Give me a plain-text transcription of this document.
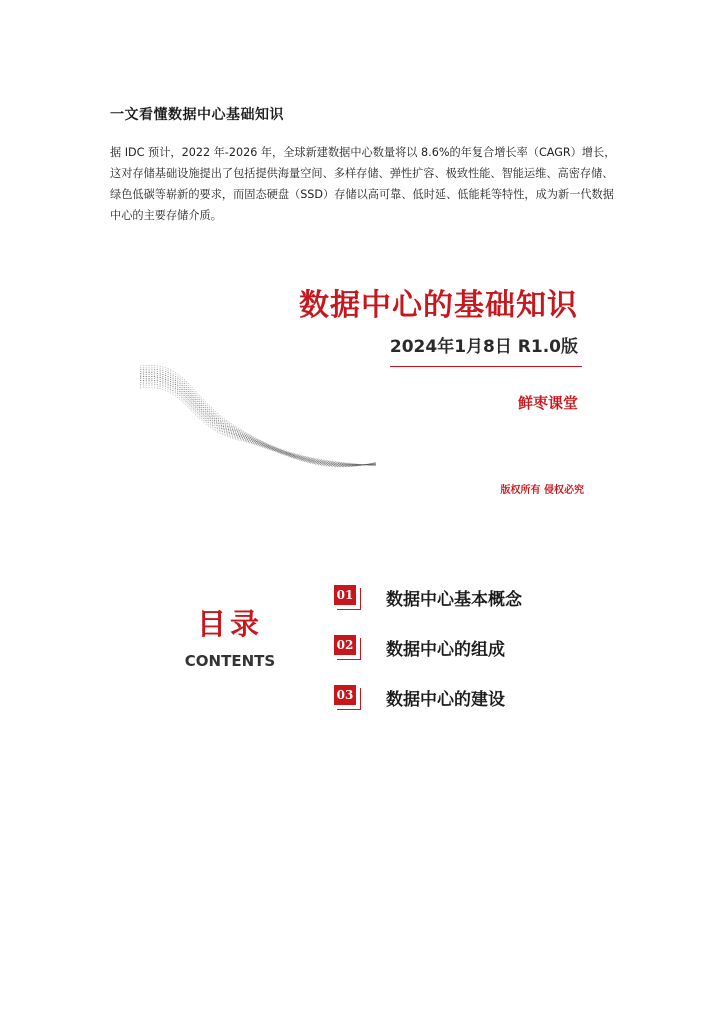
一文看懂数据中心基础知识

据 IDC 预计，2022 年-2026 年，全球新建数据中心数量将以 8.6%的年复合增长率（CAGR）增长，这对存储基础设施提出了包括提供海量空间、多样存储、弹性扩容、极致性能、智能运维、高密存储、绿色低碳等崭新的要求，而固态硬盘（SSD）存储以高可靠、低时延、低能耗等特性，成为新一代数据中心的主要存储介质。

数据中心的基础知识
2024年1月8日 R1.0版
鲜枣课堂
版权所有 侵权必究
目录
CONTENTS
01 数据中心基本概念
02 数据中心的组成
03 数据中心的建设
